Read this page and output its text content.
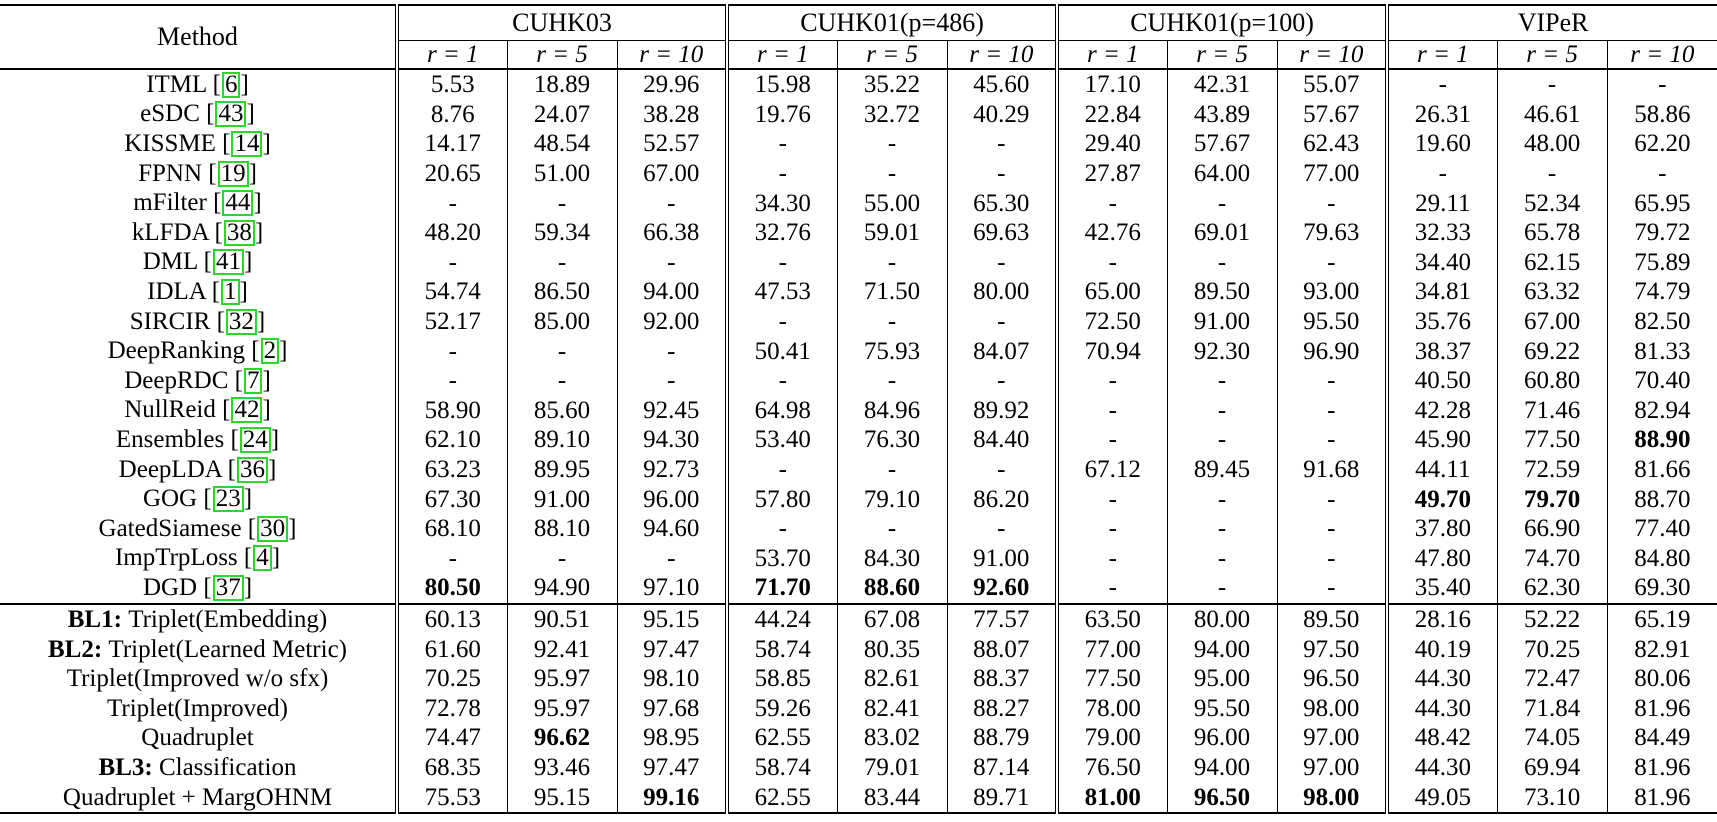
Method	CUHK03			CUHK01(p=486)			CUHK01(p=100)			VIPeR		
	r = 1	r = 5	r = 10	r = 1	r = 5	r = 10	r = 1	r = 5	r = 10	r = 1	r = 5	r = 10
ITML [ 6 ]	5.53	18.89	29.96	15.98	35.22	45.60	17.10	42.31	55.07	-	-	-
eSDC [ 43 ]	8.76	24.07	38.28	19.76	32.72	40.29	22.84	43.89	57.67	26.31	46.61	58.86
KISSME [ 14 ]	14.17	48.54	52.57	-	-	-	29.40	57.67	62.43	19.60	48.00	62.20
FPNN [ 19 ]	20.65	51.00	67.00	-	-	-	27.87	64.00	77.00	-	-	-
mFilter [ 44 ]	-	-	-	34.30	55.00	65.30	-	-	-	29.11	52.34	65.95
kLFDA [ 38 ]	48.20	59.34	66.38	32.76	59.01	69.63	42.76	69.01	79.63	32.33	65.78	79.72
DML [ 41 ]	-	-	-	-	-	-	-	-	-	34.40	62.15	75.89
IDLA [ 1 ]	54.74	86.50	94.00	47.53	71.50	80.00	65.00	89.50	93.00	34.81	63.32	74.79
SIRCIR [ 32 ]	52.17	85.00	92.00	-	-	-	72.50	91.00	95.50	35.76	67.00	82.50
DeepRanking [ 2 ]	-	-	-	50.41	75.93	84.07	70.94	92.30	96.90	38.37	69.22	81.33
DeepRDC [ 7 ]	-	-	-	-	-	-	-	-	-	40.50	60.80	70.40
NullReid [ 42 ]	58.90	85.60	92.45	64.98	84.96	89.92	-	-	-	42.28	71.46	82.94
Ensembles [ 24 ]	62.10	89.10	94.30	53.40	76.30	84.40	-	-	-	45.90	77.50	88.90
DeepLDA [ 36 ]	63.23	89.95	92.73	-	-	-	67.12	89.45	91.68	44.11	72.59	81.66
GOG [ 23 ]	67.30	91.00	96.00	57.80	79.10	86.20	-	-	-	49.70	79.70	88.70
GatedSiamese [ 30 ]	68.10	88.10	94.60	-	-	-	-	-	-	37.80	66.90	77.40
ImpTrpLoss [ 4 ]	-	-	-	53.70	84.30	91.00	-	-	-	47.80	74.70	84.80
DGD [ 37 ]	80.50	94.90	97.10	71.70	88.60	92.60	-	-	-	35.40	62.30	69.30
BL1: Triplet(Embedding)	60.13	90.51	95.15	44.24	67.08	77.57	63.50	80.00	89.50	28.16	52.22	65.19
BL2: Triplet(Learned Metric)	61.60	92.41	97.47	58.74	80.35	88.07	77.00	94.00	97.50	40.19	70.25	82.91
Triplet(Improved w/o sfx)	70.25	95.97	98.10	58.85	82.61	88.37	77.50	95.00	96.50	44.30	72.47	80.06
Triplet(Improved)	72.78	95.97	97.68	59.26	82.41	88.27	78.00	95.50	98.00	44.30	71.84	81.96
Quadruplet	74.47	96.62	98.95	62.55	83.02	88.79	79.00	96.00	97.00	48.42	74.05	84.49
BL3: Classification	68.35	93.46	97.47	58.74	79.01	87.14	76.50	94.00	97.00	44.30	69.94	81.96
Quadruplet + MargOHNM	75.53	95.15	99.16	62.55	83.44	89.71	81.00	96.50	98.00	49.05	73.10	81.96
